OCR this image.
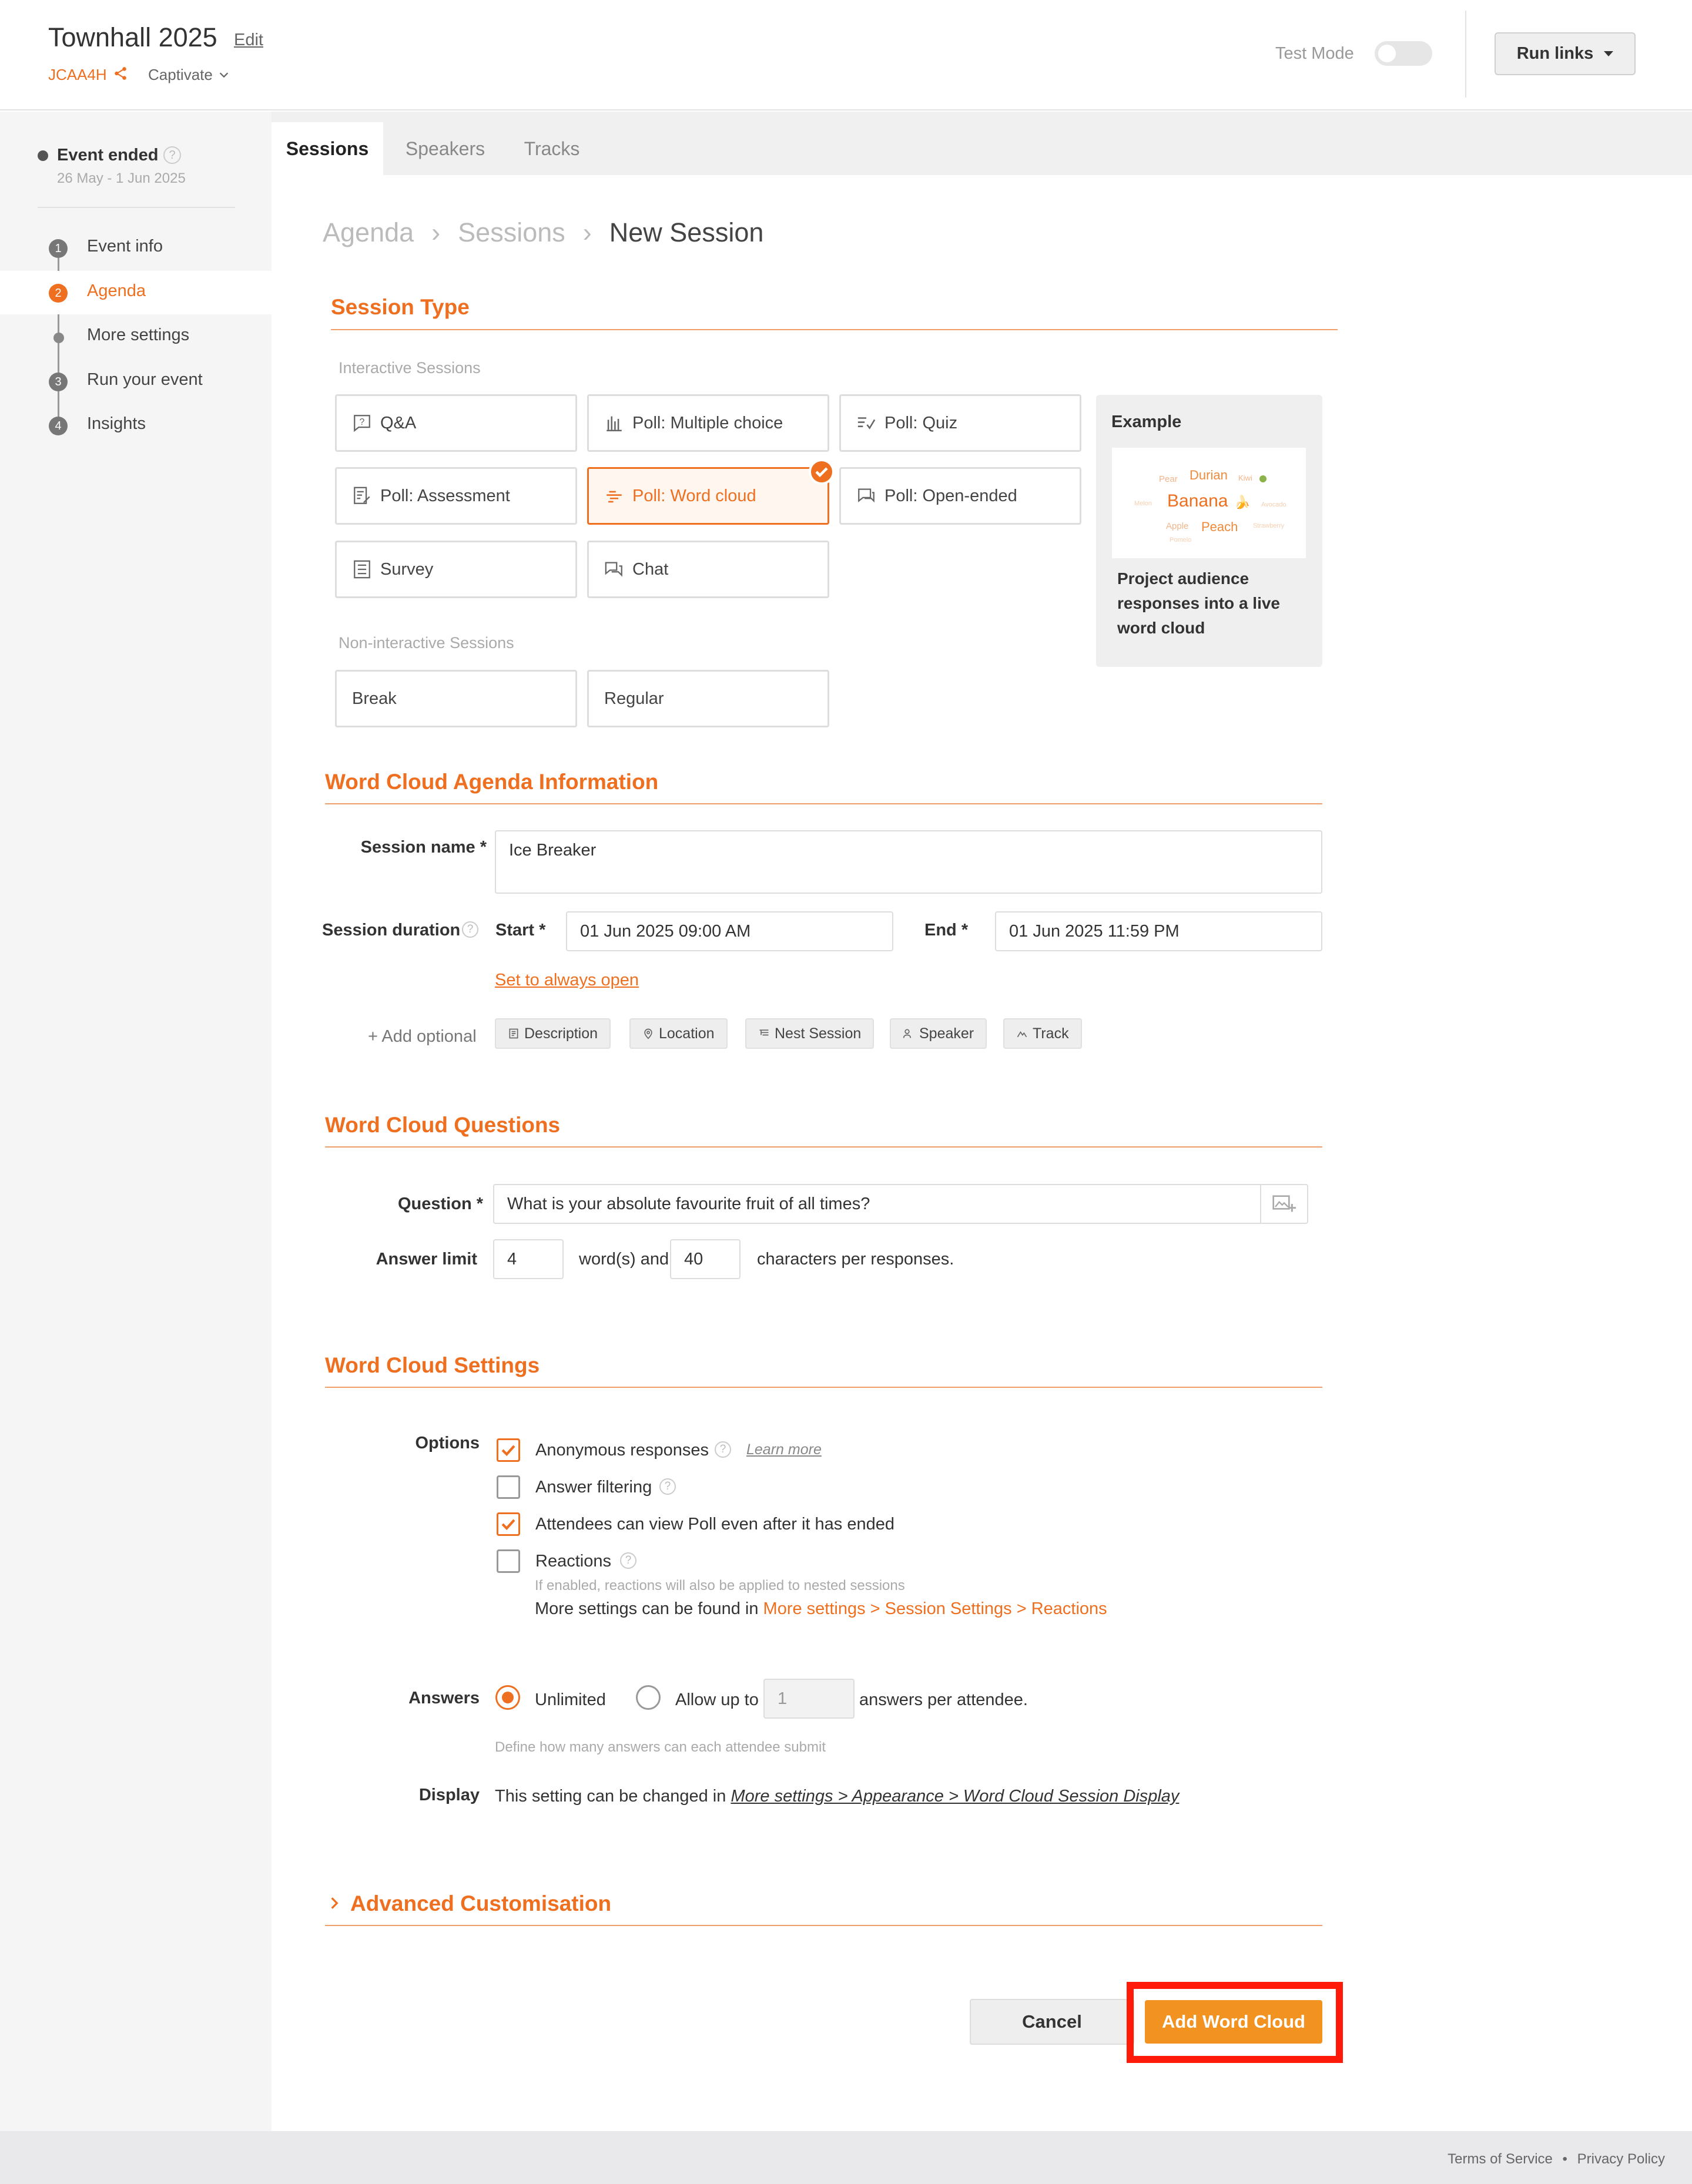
Townhall 2025 Edit
JCAA4H	Captivate
Test Mode	Run links
Event ended ?
26 May - 1 Jun 2025
1	Event info
2	Agenda
More settings
3	Run your event
4	Insights
Sessions	Speakers	Tracks
Agenda › Sessions › New Session
Session Type
Interactive Sessions
? Q&A	Poll: Multiple choice	Poll: Quiz
Poll: Assessment	Poll: Word cloud	Poll: Open-ended
Survey	Chat
Non-interactive Sessions
Break	Regular
Example
Pear Durian Kiwi
Banana 🍌
Melon	Avocado
Apple Peach Strawberry
Pomelo
Project audience responses into a live word cloud
Word Cloud Agenda Information
Session name *	Ice Breaker
Session duration ?	Start *	01 Jun 2025 09:00 AM	End *	01 Jun 2025 11:59 PM
Set to always open
+ Add optional	Description	Location	Nest Session	Speaker	Track
Word Cloud Questions
Question *	What is your absolute favourite fruit of all times?
Answer limit	4	word(s) and 40	characters per responses.
Word Cloud Settings
Options	Anonymous responses ?	Learn more
Answer filtering	?
Attendees can view Poll even after it has ended
Reactions	?
If enabled, reactions will also be applied to nested sessions
More settings can be found in More settings > Session Settings > Reactions
Answers	Unlimited	Allow up to	1	answers per attendee.
Define how many answers can each attendee submit
Display This setting can be changed in More settings > Appearance > Word Cloud Session Display
Advanced Customisation
Cancel	Add Word Cloud
Terms of Service • Privacy Policy
